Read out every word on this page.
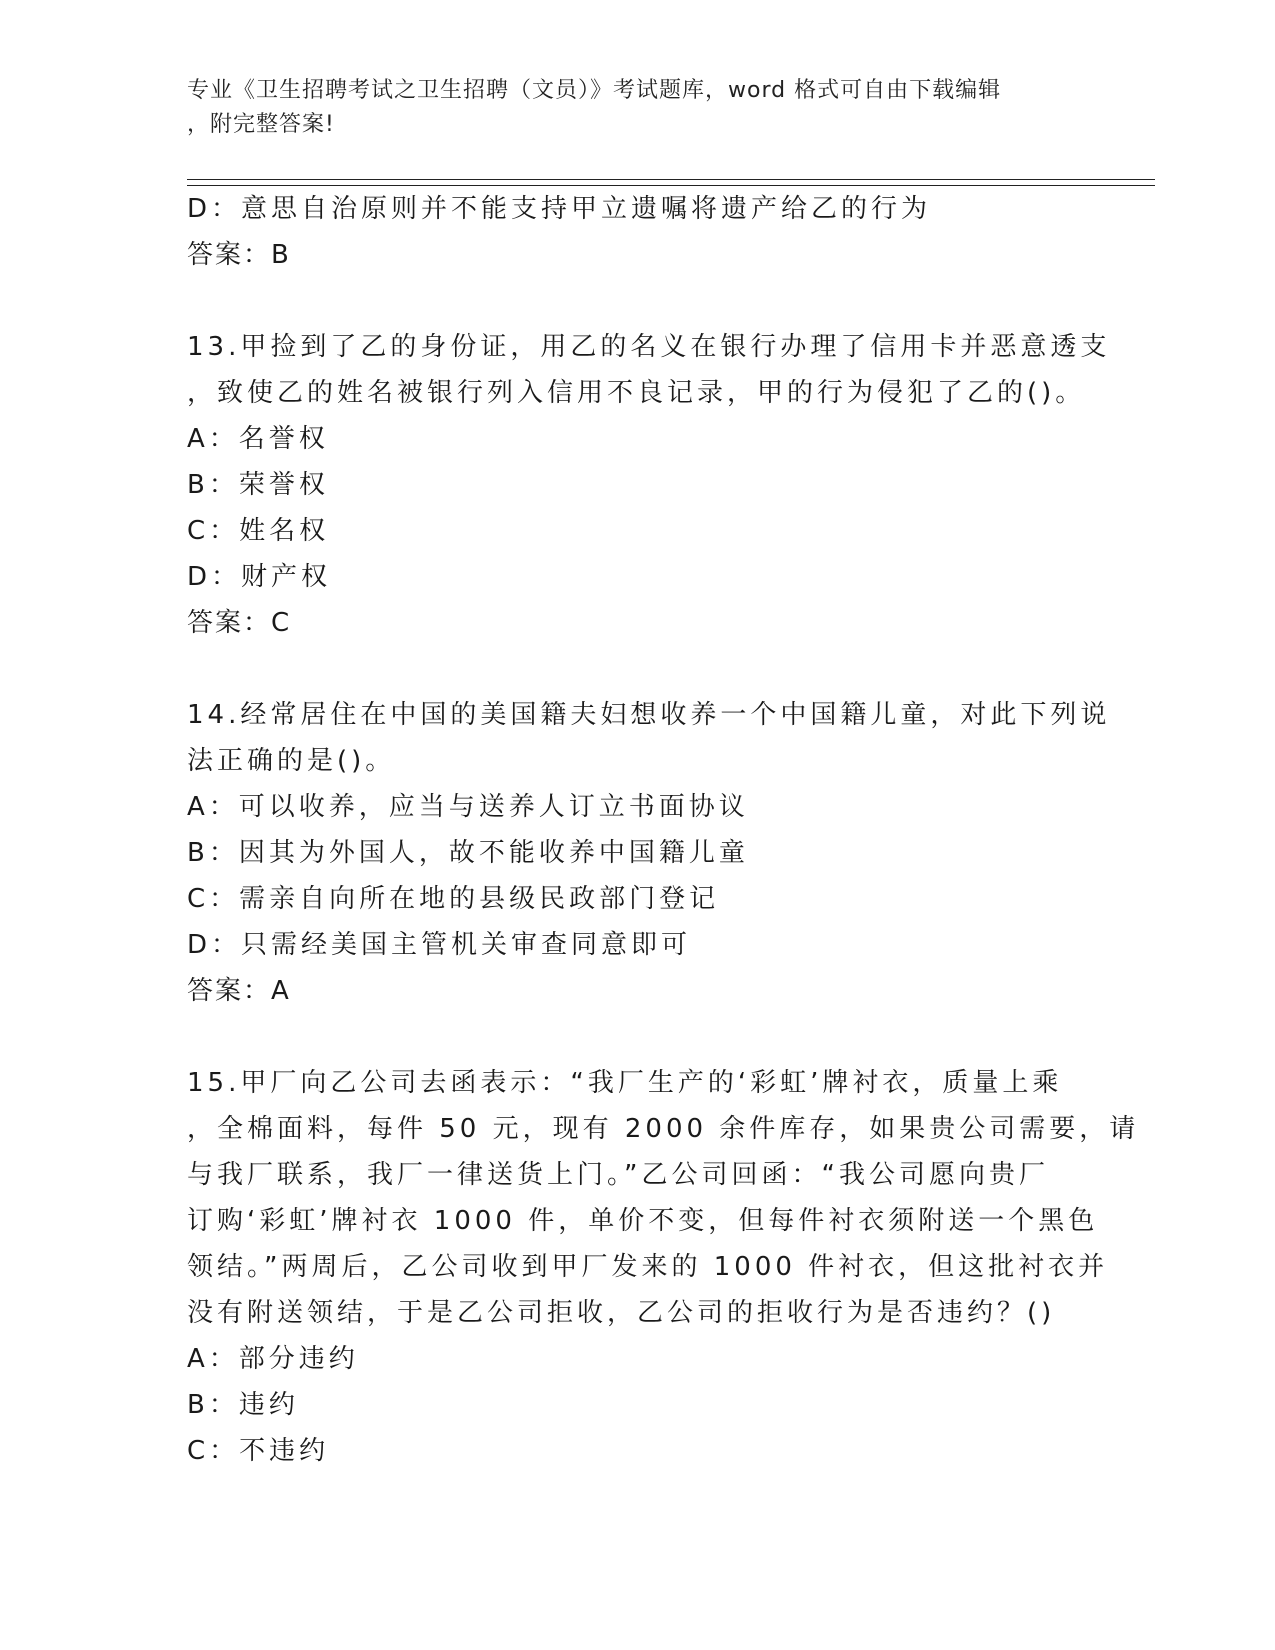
专业《卫生招聘考试之卫生招聘（文员）》考试题库，word 格式可自由下载编辑
，附完整答案!
D：意思自治原则并不能支持甲立遗嘱将遗产给乙的行为
答案：B
13.甲捡到了乙的身份证，用乙的名义在银行办理了信用卡并恶意透支
，致使乙的姓名被银行列入信用不良记录，甲的行为侵犯了乙的()。
A：名誉权
B：荣誉权
C：姓名权
D：财产权
答案：C
14.经常居住在中国的美国籍夫妇想收养一个中国籍儿童，对此下列说
法正确的是()。
A：可以收养，应当与送养人订立书面协议
B：因其为外国人，故不能收养中国籍儿童
C：需亲自向所在地的县级民政部门登记
D：只需经美国主管机关审查同意即可
答案：A
15.甲厂向乙公司去函表示：“我厂生产的‘彩虹’牌衬衣，质量上乘
，全棉面料，每件 50 元，现有 2000 余件库存，如果贵公司需要，请
与我厂联系，我厂一律送货上门。”乙公司回函：“我公司愿向贵厂
订购‘彩虹’牌衬衣 1000 件，单价不变，但每件衬衣须附送一个黑色
领结。”两周后，乙公司收到甲厂发来的 1000 件衬衣，但这批衬衣并
没有附送领结，于是乙公司拒收，乙公司的拒收行为是否违约？()
A：部分违约
B：违约
C：不违约
